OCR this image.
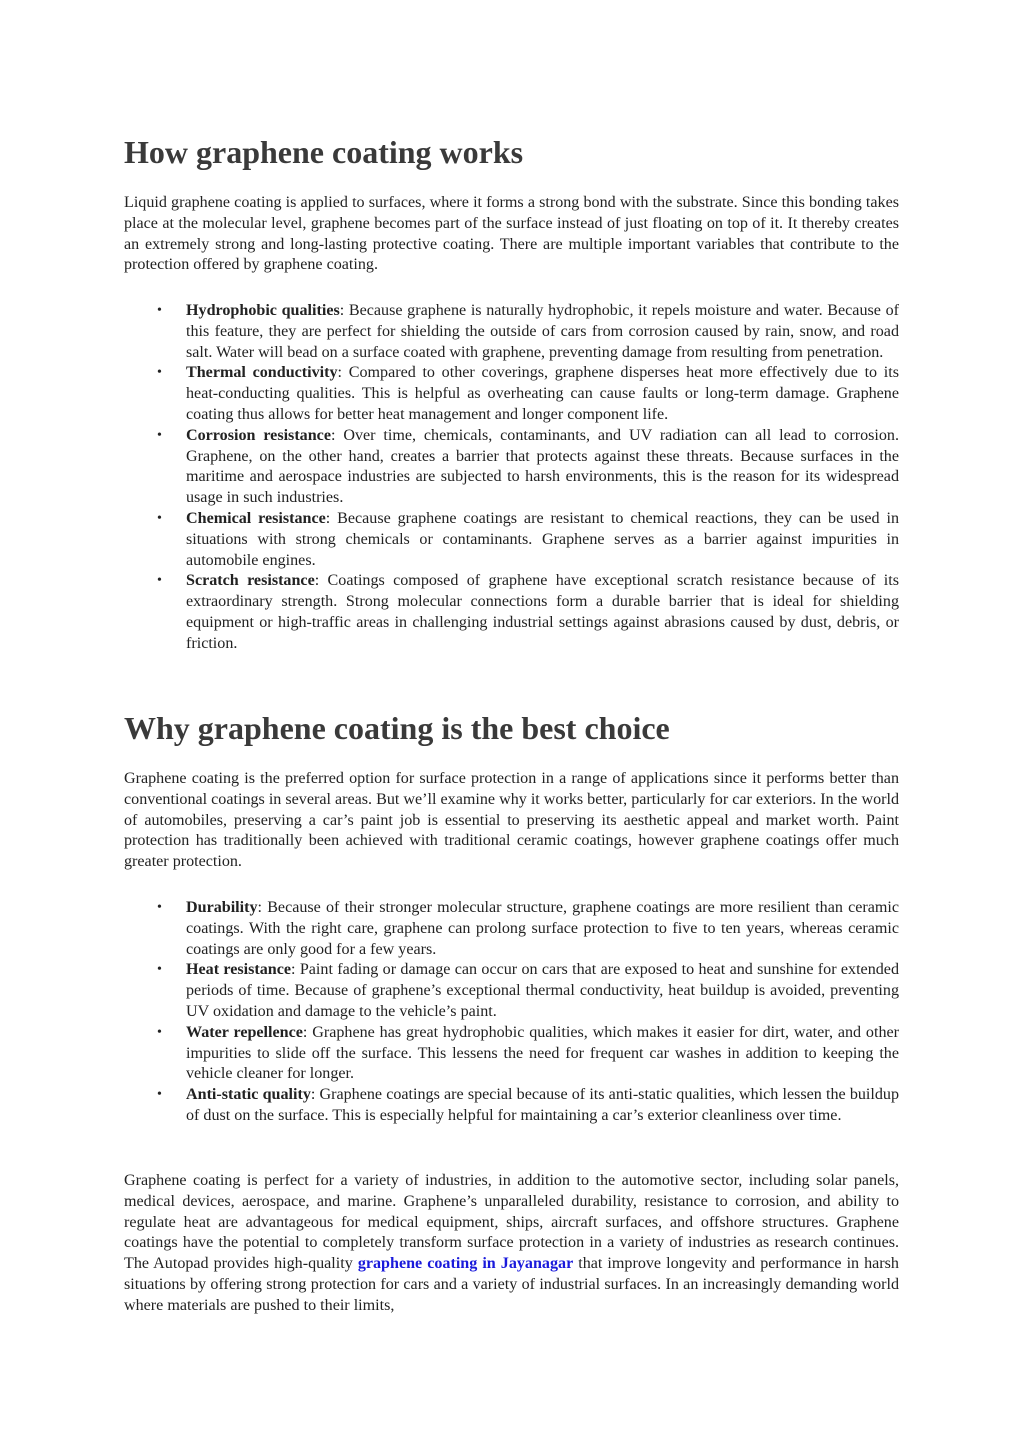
How graphene coating works

Liquid graphene coating is applied to surfaces, where it forms a strong bond with the substrate. Since this bonding takes place at the molecular level, graphene becomes part of the surface instead of just floating on top of it. It thereby creates an extremely strong and long-lasting protective coating. There are multiple important variables that contribute to the protection offered by graphene coating.

• Hydrophobic qualities: Because graphene is naturally hydrophobic, it repels moisture and water. Because of this feature, they are perfect for shielding the outside of cars from corrosion caused by rain, snow, and road salt. Water will bead on a surface coated with graphene, preventing damage from resulting from penetration.
• Thermal conductivity: Compared to other coverings, graphene disperses heat more effectively due to its heat-conducting qualities. This is helpful as overheating can cause faults or long-term damage. Graphene coating thus allows for better heat management and longer component life.
• Corrosion resistance: Over time, chemicals, contaminants, and UV radiation can all lead to corrosion. Graphene, on the other hand, creates a barrier that protects against these threats. Because surfaces in the maritime and aerospace industries are subjected to harsh environments, this is the reason for its widespread usage in such industries.
• Chemical resistance: Because graphene coatings are resistant to chemical reactions, they can be used in situations with strong chemicals or contaminants. Graphene serves as a barrier against impurities in automobile engines.
• Scratch resistance: Coatings composed of graphene have exceptional scratch resistance because of its extraordinary strength. Strong molecular connections form a durable barrier that is ideal for shielding equipment or high-traffic areas in challenging industrial settings against abrasions caused by dust, debris, or friction.
Why graphene coating is the best choice

Graphene coating is the preferred option for surface protection in a range of applications since it performs better than conventional coatings in several areas. But we’ll examine why it works better, particularly for car exteriors. In the world of automobiles, preserving a car’s paint job is essential to preserving its aesthetic appeal and market worth. Paint protection has traditionally been achieved with traditional ceramic coatings, however graphene coatings offer much greater protection.

• Durability: Because of their stronger molecular structure, graphene coatings are more resilient than ceramic coatings. With the right care, graphene can prolong surface protection to five to ten years, whereas ceramic coatings are only good for a few years.
• Heat resistance: Paint fading or damage can occur on cars that are exposed to heat and sunshine for extended periods of time. Because of graphene’s exceptional thermal conductivity, heat buildup is avoided, preventing UV oxidation and damage to the vehicle’s paint.
• Water repellence: Graphene has great hydrophobic qualities, which makes it easier for dirt, water, and other impurities to slide off the surface. This lessens the need for frequent car washes in addition to keeping the vehicle cleaner for longer.
• Anti-static quality: Graphene coatings are special because of its anti-static qualities, which lessen the buildup of dust on the surface. This is especially helpful for maintaining a car’s exterior cleanliness over time.

Graphene coating is perfect for a variety of industries, in addition to the automotive sector, including solar panels, medical devices, aerospace, and marine. Graphene’s unparalleled durability, resistance to corrosion, and ability to regulate heat are advantageous for medical equipment, ships, aircraft surfaces, and offshore structures. Graphene coatings have the potential to completely transform surface protection in a variety of industries as research continues. The Autopad provides high-quality graphene coating in Jayanagar that improve longevity and performance in harsh situations by offering strong protection for cars and a variety of industrial surfaces. In an increasingly demanding world where materials are pushed to their limits,
